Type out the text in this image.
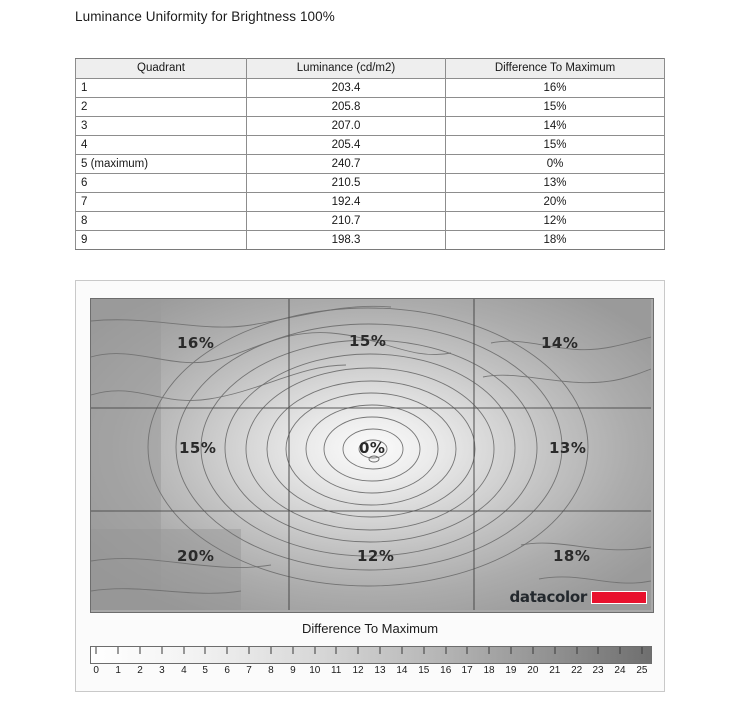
Luminance Uniformity for Brightness 100%
Quadrant	Luminance (cd/m2)	Difference To Maximum
1	203.4	16%
2	205.8	15%
3	207.0	14%
4	205.4	15%
5 (maximum)	240.7	0%
6	210.5	13%
7	192.4	20%
8	210.7	12%
9	198.3	18%
16%	15%	14%
15%	0%	13%
20%	12%	18%
datacolor
Difference To Maximum
0 1 2 3 4 5 6 7 8 9 10 11 12 13 14 15 16 17 18 19 20 21 22 23 24 25
